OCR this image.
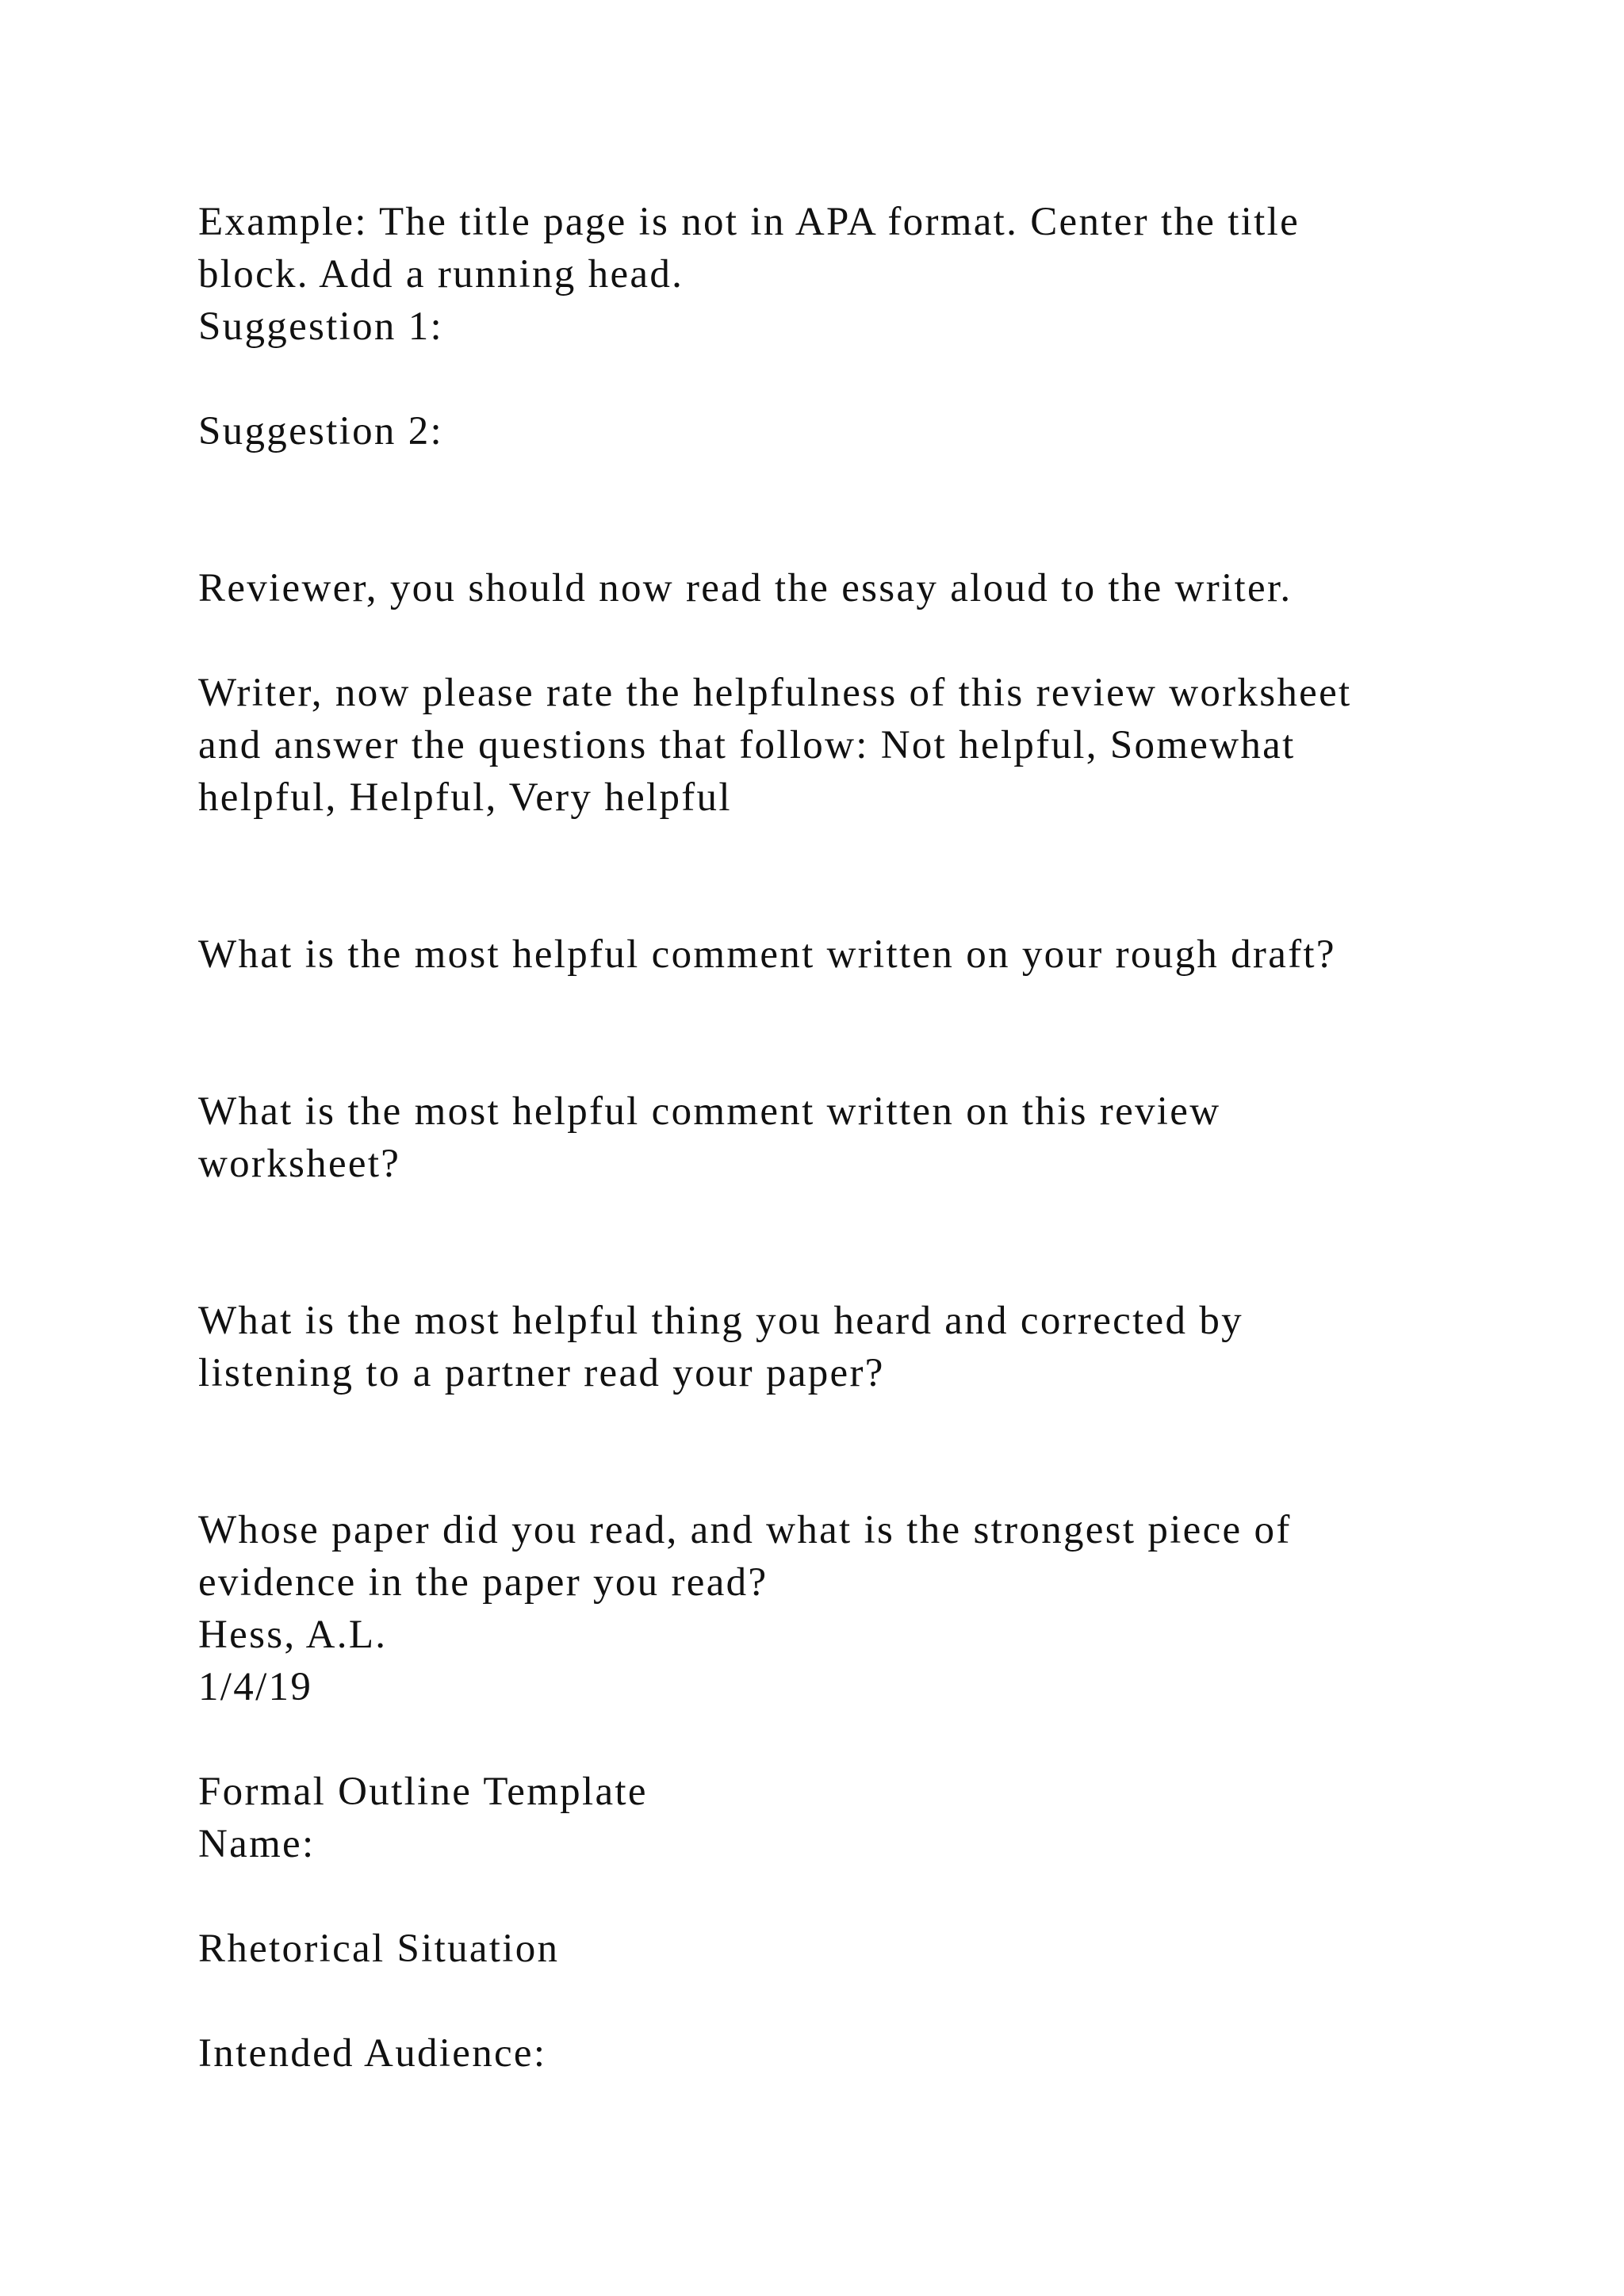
Example: The title page is not in APA format. Center the title
block. Add a running head.
Suggestion 1:
Suggestion 2:
Reviewer, you should now read the essay aloud to the writer.
Writer, now please rate the helpfulness of this review worksheet
and answer the questions that follow: Not helpful, Somewhat
helpful, Helpful, Very helpful
What is the most helpful comment written on your rough draft?
What is the most helpful comment written on this review
worksheet?
What is the most helpful thing you heard and corrected by
listening to a partner read your paper?
Whose paper did you read, and what is the strongest piece of
evidence in the paper you read?
Hess, A.L.
1/4/19
Formal Outline Template
Name:
Rhetorical Situation
Intended Audience:
